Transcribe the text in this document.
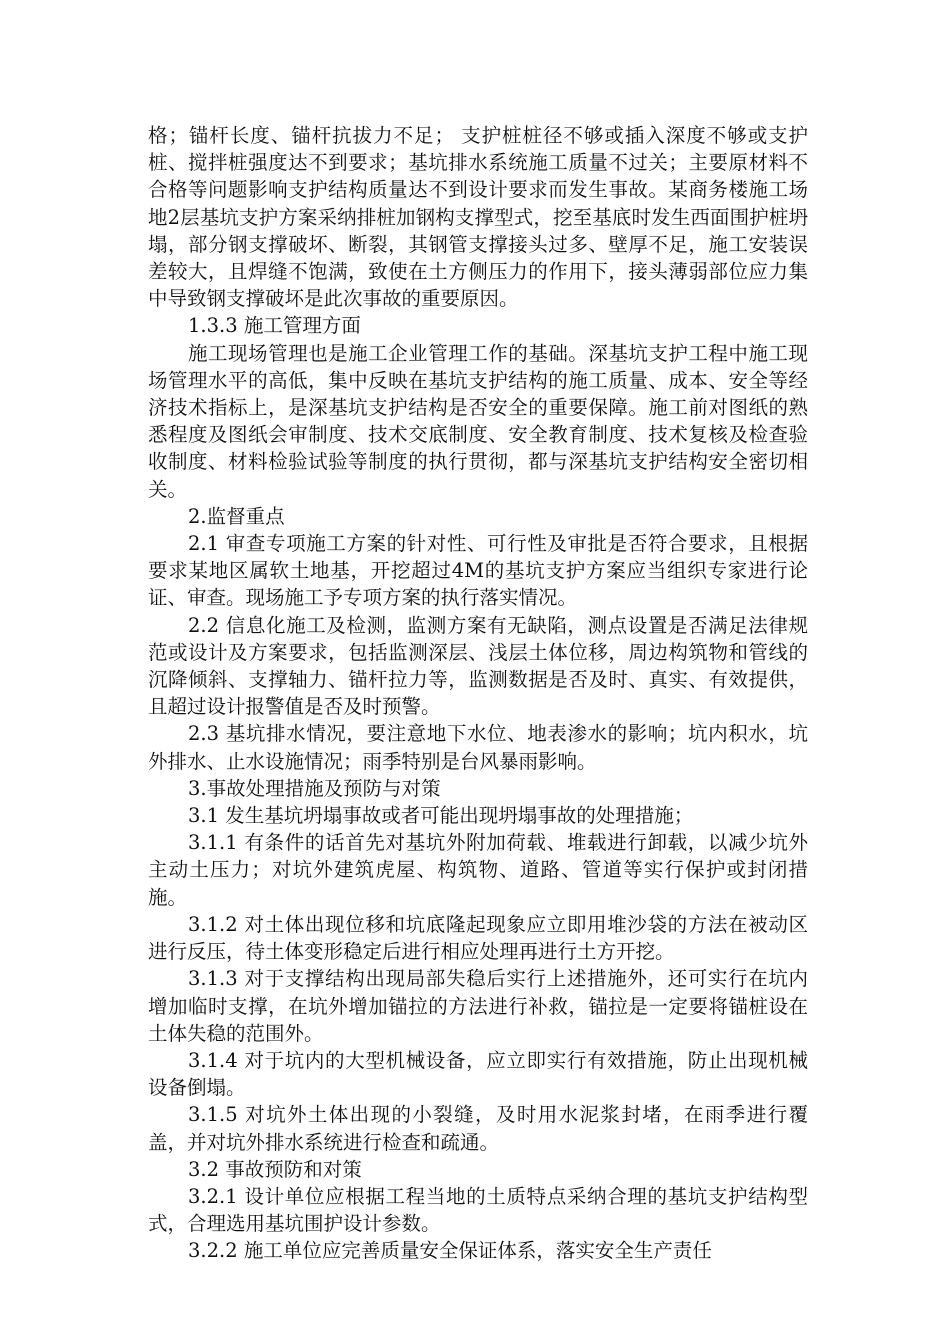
格；锚杆长度、锚杆抗拔力不足； 支护桩桩径不够或插入深度不够或支护桩、搅拌桩强度达不到要求；基坑排水系统施工质量不过关；主要原材料不合格等问题影响支护结构质量达不到设计要求而发生事故。某商务楼施工场地2层基坑支护方案采纳排桩加钢构支撑型式，挖至基底时发生西面围护桩坍塌，部分钢支撑破坏、断裂，其钢管支撑接头过多、壁厚不足，施工安装误差较大，且焊缝不饱满，致使在土方侧压力的作用下，接头薄弱部位应力集中导致钢支撑破坏是此次事故的重要原因。

1.3.3 施工管理方面

施工现场管理也是施工企业管理工作的基础。深基坑支护工程中施工现场管理水平的高低，集中反映在基坑支护结构的施工质量、成本、安全等经济技术指标上，是深基坑支护结构是否安全的重要保障。施工前对图纸的熟悉程度及图纸会审制度、技术交底制度、安全教育制度、技术复核及检查验收制度、材料检验试验等制度的执行贯彻，都与深基坑支护结构安全密切相关。

2.监督重点

2.1 审查专项施工方案的针对性、可行性及审批是否符合要求，且根据要求某地区属软土地基，开挖超过4M的基坑支护方案应当组织专家进行论证、审查。现场施工予专项方案的执行落实情况。

2.2 信息化施工及检测，监测方案有无缺陷，测点设置是否满足法律规范或设计及方案要求，包括监测深层、浅层土体位移，周边构筑物和管线的沉降倾斜、支撑轴力、锚杆拉力等，监测数据是否及时、真实、有效提供，且超过设计报警值是否及时预警。

2.3 基坑排水情况，要注意地下水位、地表渗水的影响；坑内积水，坑外排水、止水设施情况；雨季特别是台风暴雨影响。

3.事故处理措施及预防与对策

3.1 发生基坑坍塌事故或者可能出现坍塌事故的处理措施；

3.1.1 有条件的话首先对基坑外附加荷载、堆载进行卸载，以减少坑外主动土压力；对坑外建筑虎屋、构筑物、道路、管道等实行保护或封闭措施。

3.1.2 对土体出现位移和坑底隆起现象应立即用堆沙袋的方法在被动区进行反压，待土体变形稳定后进行相应处理再进行土方开挖。

3.1.3 对于支撑结构出现局部失稳后实行上述措施外，还可实行在坑内增加临时支撑，在坑外增加锚拉的方法进行补救，锚拉是一定要将锚桩设在土体失稳的范围外。

3.1.4 对于坑内的大型机械设备，应立即实行有效措施，防止出现机械设备倒塌。

3.1.5 对坑外土体出现的小裂缝，及时用水泥浆封堵，在雨季进行覆盖，并对坑外排水系统进行检查和疏通。

3.2 事故预防和对策

3.2.1 设计单位应根据工程当地的土质特点采纳合理的基坑支护结构型式，合理选用基坑围护设计参数。

3.2.2 施工单位应完善质量安全保证体系，落实安全生产责任
